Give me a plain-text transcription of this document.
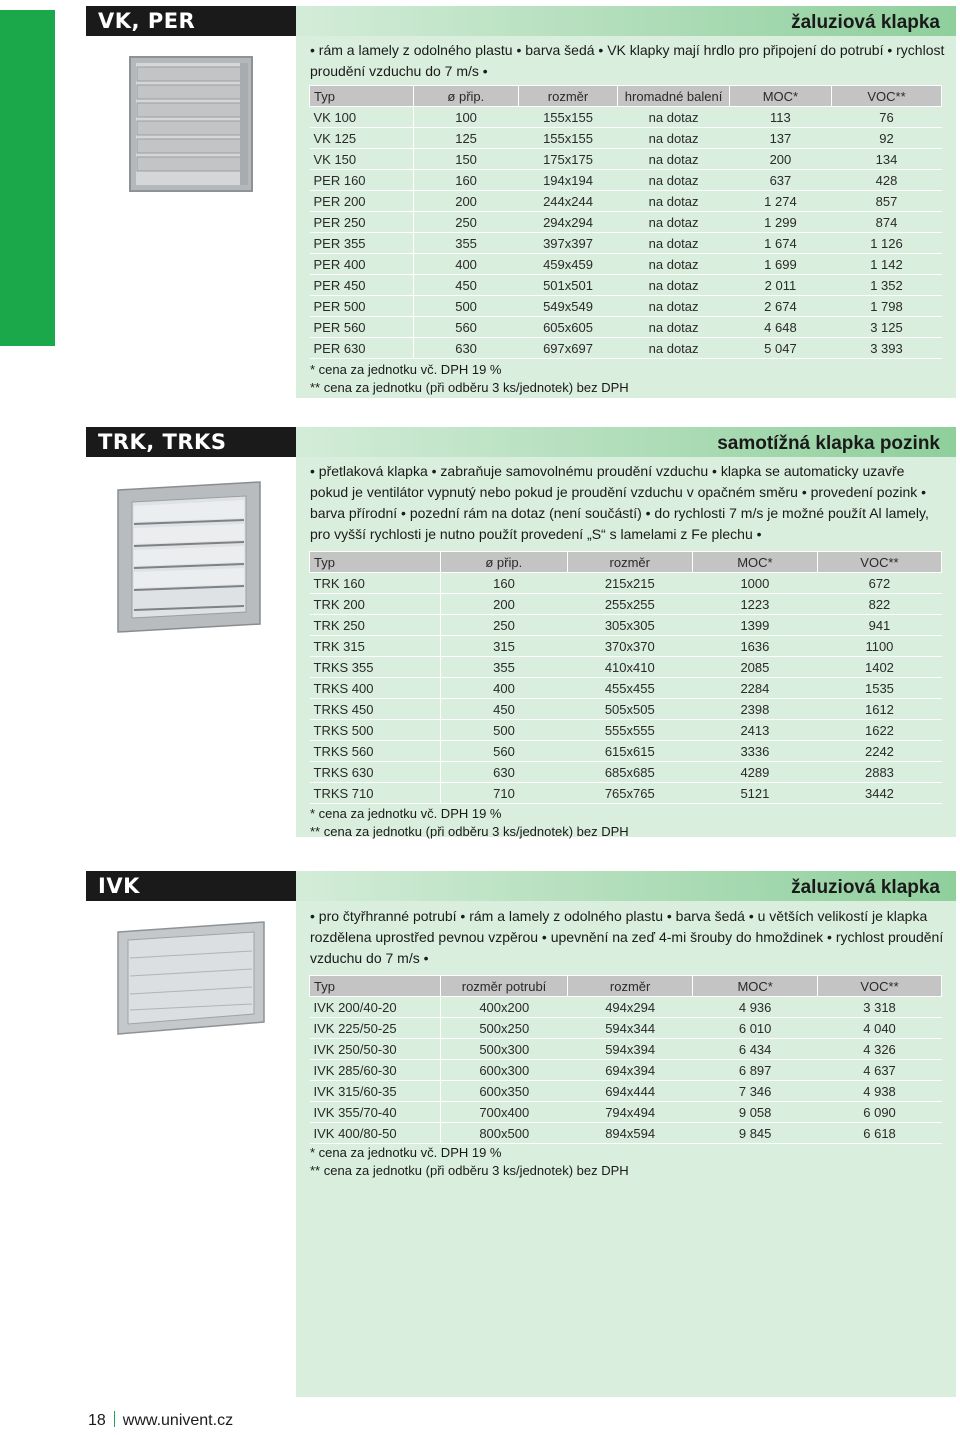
VK, PER	žaluziová klapka
• rám a lamely z odolného plastu • barva šedá • VK klapky mají hrdlo pro připojení do potrubí • rychlost proudění vzduchu do 7 m/s •
Typ	ø přip.	rozměr	hromadné balení	MOC*	VOC**
VK 100	100	155x155	na dotaz	113	76
VK 125	125	155x155	na dotaz	137	92
VK 150	150	175x175	na dotaz	200	134
PER 160	160	194x194	na dotaz	637	428
PER 200	200	244x244	na dotaz	1 274	857
PER 250	250	294x294	na dotaz	1 299	874
PER 355	355	397x397	na dotaz	1 674	1 126
PER 400	400	459x459	na dotaz	1 699	1 142
PER 450	450	501x501	na dotaz	2 011	1 352
PER 500	500	549x549	na dotaz	2 674	1 798
PER 560	560	605x605	na dotaz	4 648	3 125
PER 630	630	697x697	na dotaz	5 047	3 393
* cena za jednotku vč. DPH 19 %
** cena za jednotku (při odběru 3 ks/jednotek) bez DPH
TRK, TRKS	samotížná klapka pozink
• přetlaková klapka • zabraňuje samovolnému proudění vzduchu • klapka se automaticky uzavře pokud je ventilátor vypnutý nebo pokud je proudění vzduchu v opačném směru • provedení pozink • barva přírodní • pozední rám na dotaz (není součástí) • do rychlosti 7 m/s je možné použít Al lamely, pro vyšší rychlosti je nutno použít provedení „S“ s lamelami z Fe plechu •
Typ	ø přip.	rozměr	MOC*	VOC**
TRK 160	160	215x215	1000	672
TRK 200	200	255x255	1223	822
TRK 250	250	305x305	1399	941
TRK 315	315	370x370	1636	1100
TRKS 355	355	410x410	2085	1402
TRKS 400	400	455x455	2284	1535
TRKS 450	450	505x505	2398	1612
TRKS 500	500	555x555	2413	1622
TRKS 560	560	615x615	3336	2242
TRKS 630	630	685x685	4289	2883
TRKS 710	710	765x765	5121	3442
* cena za jednotku vč. DPH 19 %
** cena za jednotku (při odběru 3 ks/jednotek) bez DPH
IVK	žaluziová klapka
• pro čtyřhranné potrubí • rám a lamely z odolného plastu • barva šedá • u větších velikostí je klapka rozdělena uprostřed pevnou vzpěrou • upevnění na zeď 4-mi šrouby do hmoždinek • rychlost proudění vzduchu do 7 m/s •
Typ	rozměr potrubí	rozměr	MOC*	VOC**
IVK 200/40-20	400x200	494x294	4 936	3 318
IVK 225/50-25	500x250	594x344	6 010	4 040
IVK 250/50-30	500x300	594x394	6 434	4 326
IVK 285/60-30	600x300	694x394	6 897	4 637
IVK 315/60-35	600x350	694x444	7 346	4 938
IVK 355/70-40	700x400	794x494	9 058	6 090
IVK 400/80-50	800x500	894x594	9 845	6 618
* cena za jednotku vč. DPH 19 %
** cena za jednotku (při odběru 3 ks/jednotek) bez DPH
18 www.univent.cz
